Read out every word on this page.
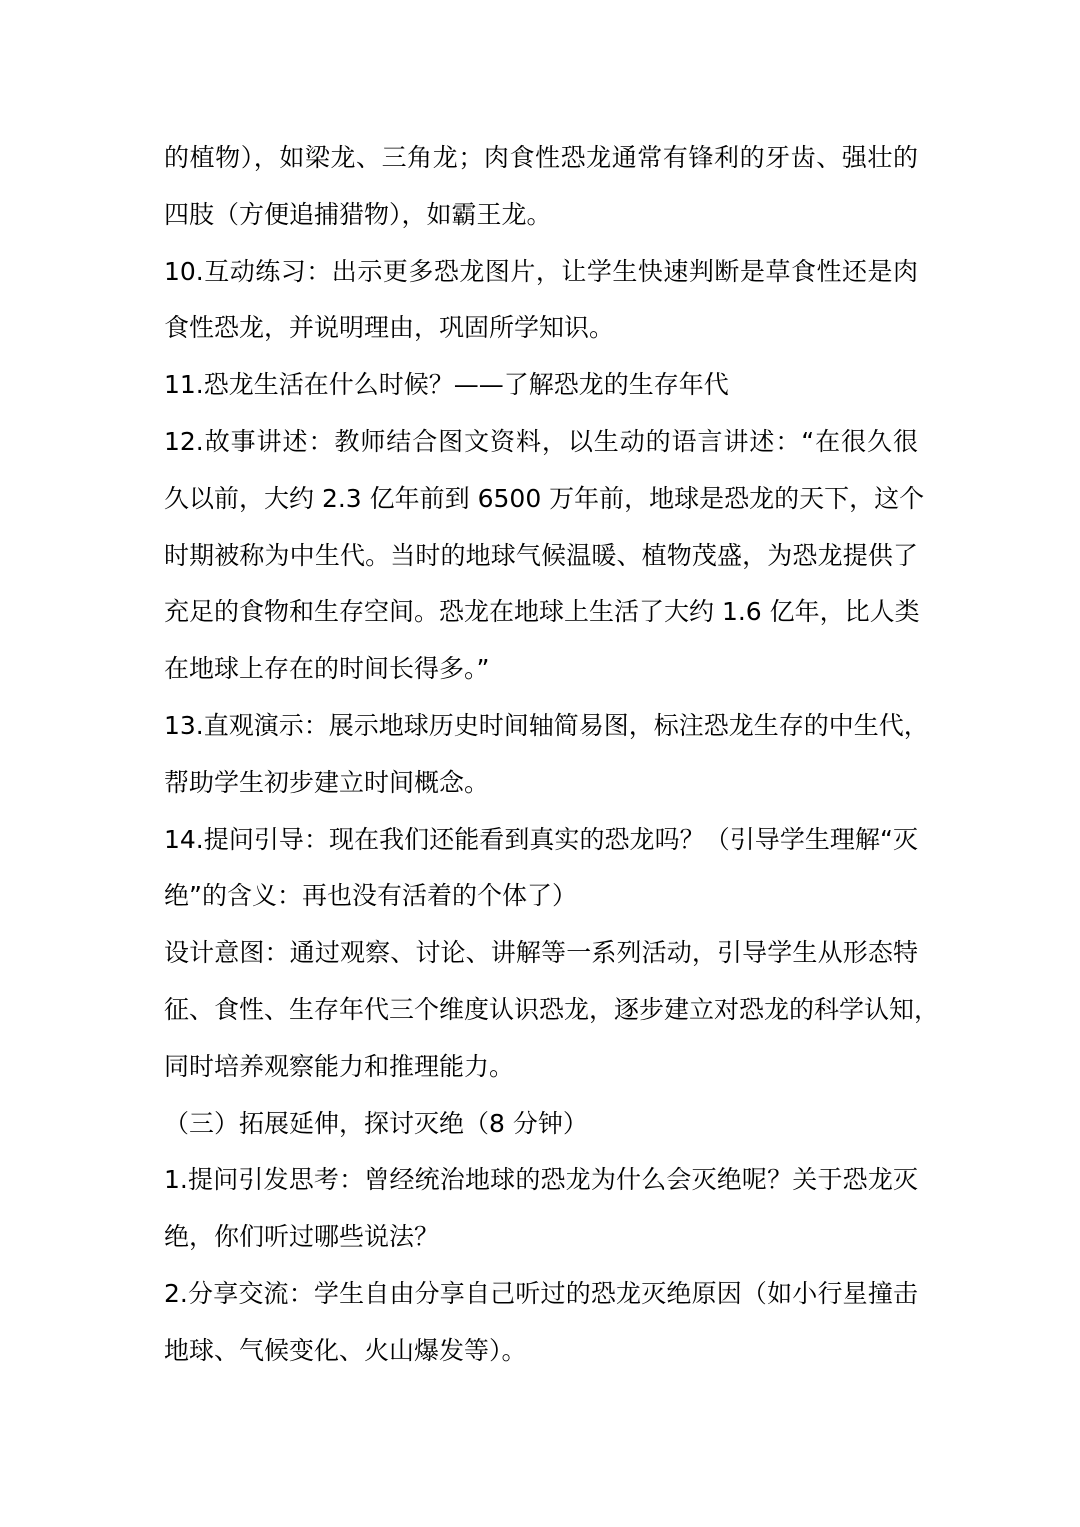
的植物），如梁龙、三角龙；肉食性恐龙通常有锋利的牙齿、强壮的
四肢（方便追捕猎物），如霸王龙。
10.互动练习：出示更多恐龙图片，让学生快速判断是草食性还是肉
食性恐龙，并说明理由，巩固所学知识。
11.恐龙生活在什么时候？——了解恐龙的生存年代
12.故事讲述：教师结合图文资料，以生动的语言讲述：“在很久很
久以前，大约 2.3 亿年前到 6500 万年前，地球是恐龙的天下，这个
时期被称为中生代。当时的地球气候温暖、植物茂盛，为恐龙提供了
充足的食物和生存空间。恐龙在地球上生活了大约 1.6 亿年，比人类
在地球上存在的时间长得多。”
13.直观演示：展示地球历史时间轴简易图，标注恐龙生存的中生代，
帮助学生初步建立时间概念。
14.提问引导：现在我们还能看到真实的恐龙吗？（引导学生理解“灭
绝”的含义：再也没有活着的个体了）
设计意图：通过观察、讨论、讲解等一系列活动，引导学生从形态特
征、食性、生存年代三个维度认识恐龙，逐步建立对恐龙的科学认知，
同时培养观察能力和推理能力。
（三）拓展延伸，探讨灭绝（8 分钟）
1.提问引发思考：曾经统治地球的恐龙为什么会灭绝呢？关于恐龙灭
绝，你们听过哪些说法？
2.分享交流：学生自由分享自己听过的恐龙灭绝原因（如小行星撞击
地球、气候变化、火山爆发等）。
